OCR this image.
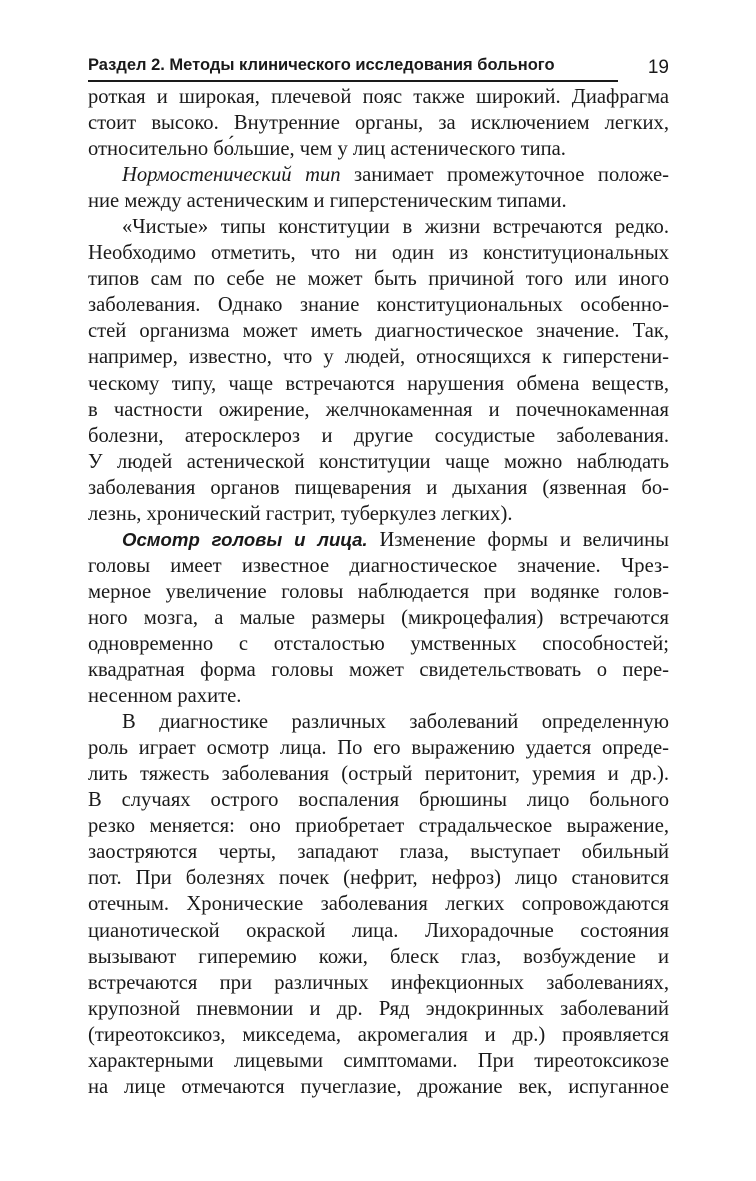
Раздел 2. Методы клинического исследования больного	19
роткая и широкая, плечевой пояс также широкий. Диафрагма
стоит высоко. Внутренние органы, за исключением легких,
относительно бо́льшие, чем у лиц астенического типа.
Нормостенический тип занимает промежуточное положе-
ние между астеническим и гиперстеническим типами.
«Чистые» типы конституции в жизни встречаются редко.
Необходимо отметить, что ни один из конституциональных
типов сам по себе не может быть причиной того или иного
заболевания. Однако знание конституциональных особенно-
стей организма может иметь диагностическое значение. Так,
например, известно, что у людей, относящихся к гиперстени-
ческому типу, чаще встречаются нарушения обмена веществ,
в частности ожирение, желчнокаменная и почечнокаменная
болезни, атеросклероз и другие сосудистые заболевания.
У людей астенической конституции чаще можно наблюдать
заболевания органов пищеварения и дыхания (язвенная бо-
лезнь, хронический гастрит, туберкулез легких).
Осмотр головы и лица. Изменение формы и величины
головы имеет известное диагностическое значение. Чрез-
мерное увеличение головы наблюдается при водянке голов-
ного мозга, а малые размеры (микроцефалия) встречаются
одновременно с отсталостью умственных способностей;
квадратная форма головы может свидетельствовать о пере-
несенном рахите.
В диагностике различных заболеваний определенную
роль играет осмотр лица. По его выражению удается опреде-
лить тяжесть заболевания (острый перитонит, уремия и др.).
В случаях острого воспаления брюшины лицо больного
резко меняется: оно приобретает страдальческое выражение,
заостряются черты, западают глаза, выступает обильный
пот. При болезнях почек (нефрит, нефроз) лицо становится
отечным. Хронические заболевания легких сопровождаются
цианотической окраской лица. Лихорадочные состояния
вызывают гиперемию кожи, блеск глаз, возбуждение и
встречаются при различных инфекционных заболеваниях,
крупозной пневмонии и др. Ряд эндокринных заболеваний
(тиреотоксикоз, микседема, акромегалия и др.) проявляется
характерными лицевыми симптомами. При тиреотоксикозе
на лице отмечаются пучеглазие, дрожание век, испуганное
